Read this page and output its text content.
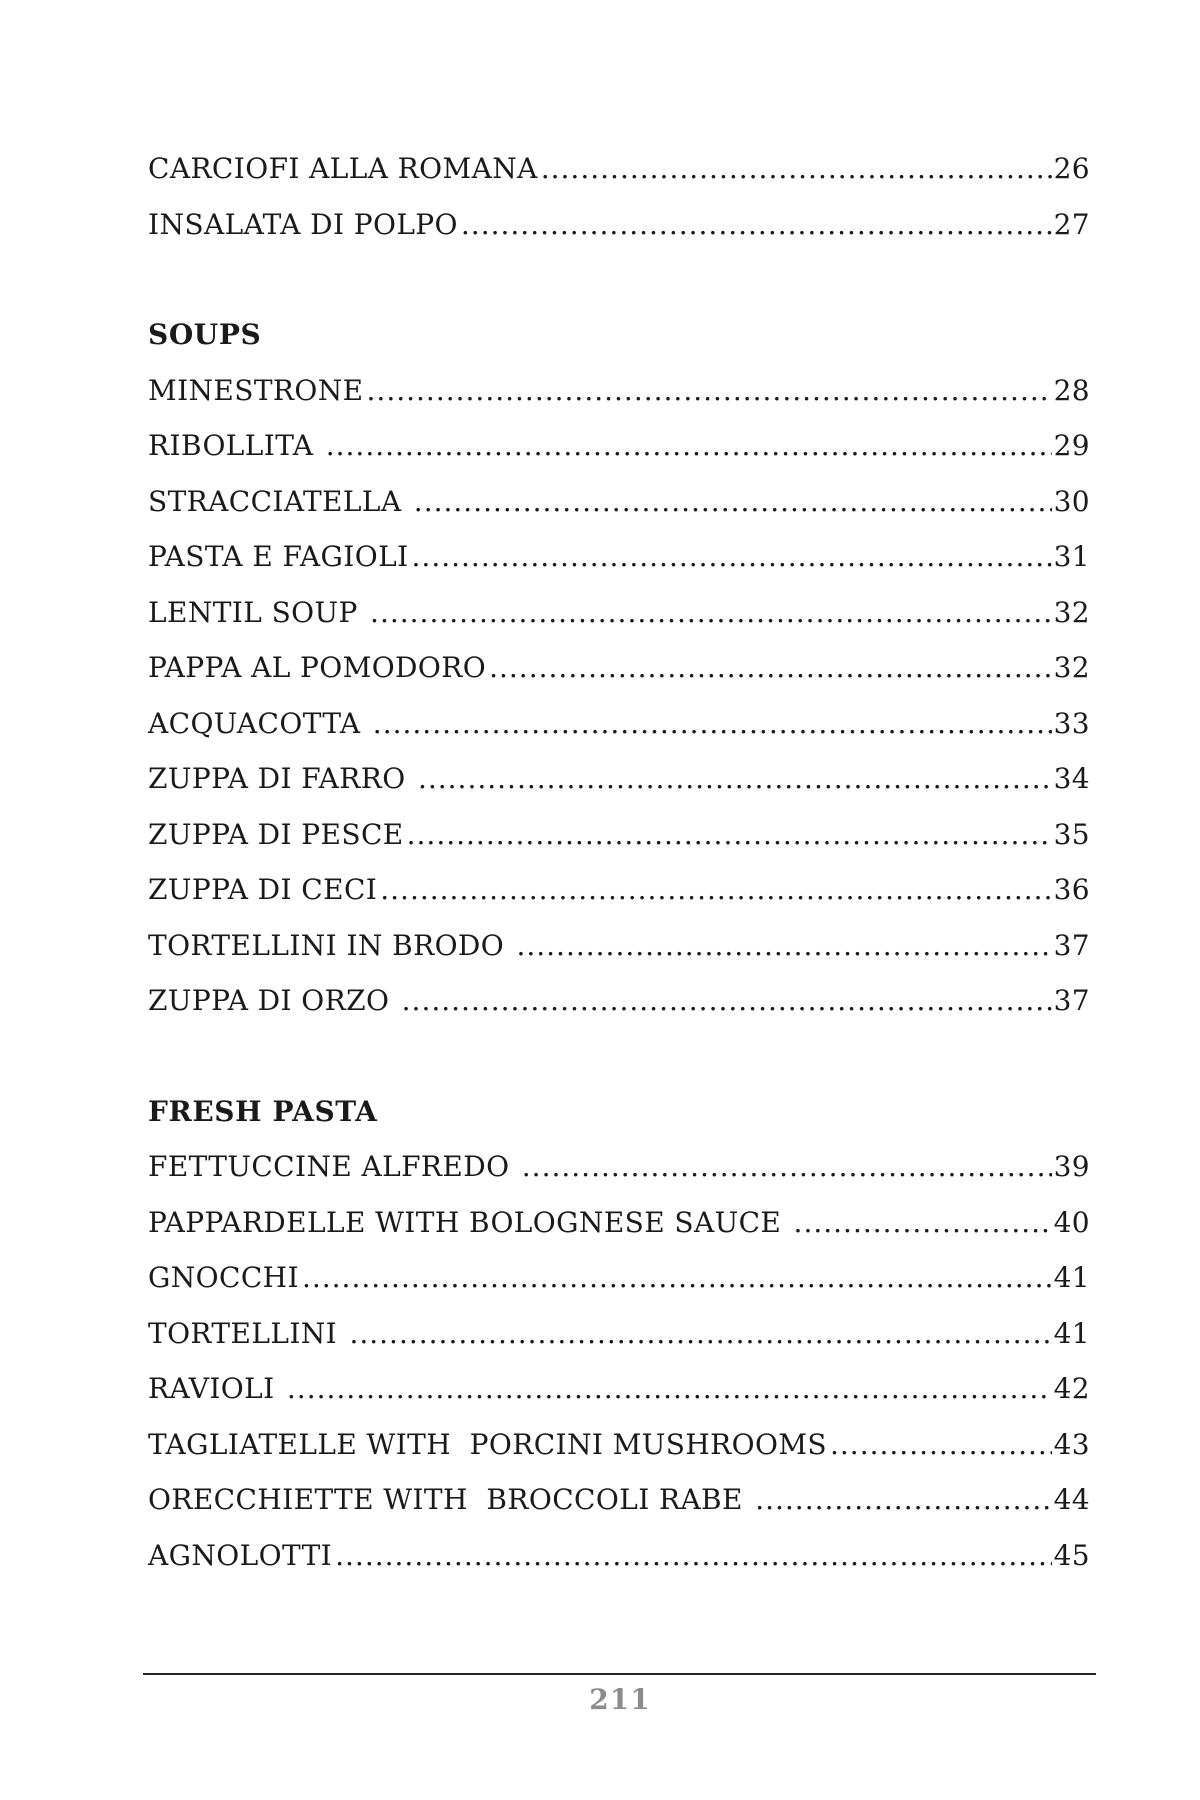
CARCIOFI ALLA ROMANA .....	26
INSALATA DI POLPO .....	27
SOUPS
MINESTRONE .....	28
RIBOLLITA .....	29
STRACCIATELLA .....	30
PASTA E FAGIOLI .....	31
LENTIL SOUP .....	32
PAPPA AL POMODORO .....	32
ACQUACOTTA .....	33
ZUPPA DI FARRO .....	34
ZUPPA DI PESCE .....	35
ZUPPA DI CECI .....	36
TORTELLINI IN BRODO .....	37
ZUPPA DI ORZO .....	37
FRESH PASTA
FETTUCCINE ALFREDO .....	39
PAPPARDELLE WITH BOLOGNESE SAUCE .....	40
GNOCCHI .....	41
TORTELLINI .....	41
RAVIOLI .....	42
TAGLIATELLE WITH  PORCINI MUSHROOMS .....	43
ORECCHIETTE WITH  BROCCOLI RABE .....	44
AGNOLOTTI .....	45
211
